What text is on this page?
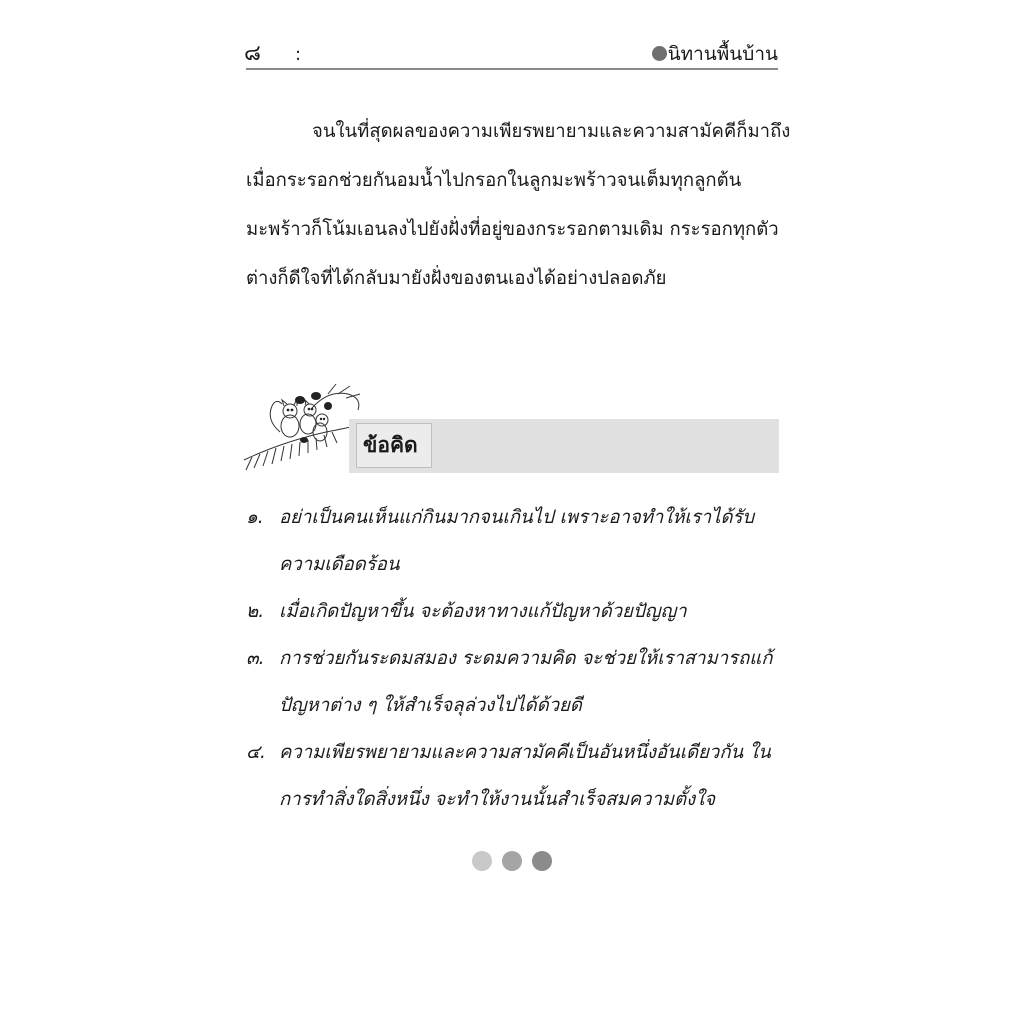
๘ :	นิทานพื้นบ้าน
จนในที่สุดผลของความเพียรพยายามและความสามัคคีก็มาถึง
เมื่อกระรอกช่วยกันอมน้ำไปกรอกในลูกมะพร้าวจนเต็มทุกลูกต้น
มะพร้าวก็โน้มเอนลงไปยังฝั่งที่อยู่ของกระรอกตามเดิม กระรอกทุกตัว
ต่างก็ดีใจที่ได้กลับมายังฝั่งของตนเองได้อย่างปลอดภัย
ข้อคิด
๑. อย่าเป็นคนเห็นแก่กินมากจนเกินไป เพราะอาจทำให้เราได้รับ
ความเดือดร้อน
๒. เมื่อเกิดปัญหาขึ้น จะต้องหาทางแก้ปัญหาด้วยปัญญา
๓. การช่วยกันระดมสมอง ระดมความคิด จะช่วยให้เราสามารถแก้
ปัญหาต่าง ๆ ให้สำเร็จลุล่วงไปได้ด้วยดี
๔. ความเพียรพยายามและความสามัคคีเป็นอันหนึ่งอันเดียวกัน ใน
การทำสิ่งใดสิ่งหนึ่ง จะทำให้งานนั้นสำเร็จสมความตั้งใจ
